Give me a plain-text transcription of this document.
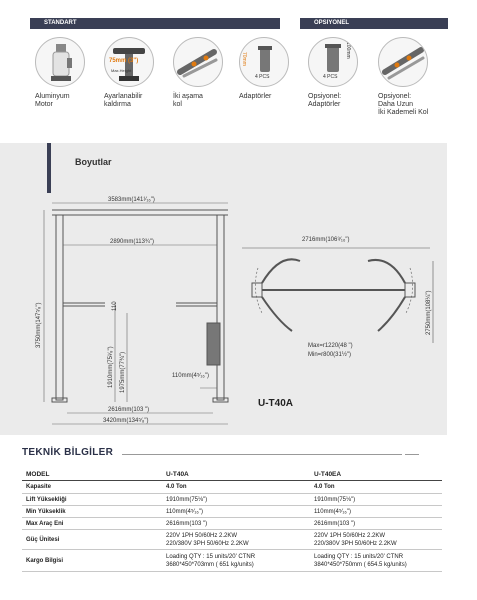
STANDART	OPSIYONEL
Aluminyum
Motor
75mm (3")
Max.Height
Ayarlanabilir
kaldırma
İki aşama
kol
70mm
4 PCS
Adaptörler
100mm
4 PCS
Opsiyonel:
Adaptörler
Opsiyonel:
Daha Uzun
İki Kademeli Kol
Boyutlar
3583mm(141¹⁄₁₆")
2890mm(113¾")
3750mm(147⁵⁄₈")
1910mm(75¹⁄₈") 1975mm(77¾")
110
110mm(4⁵⁄₁₆")
2616mm(103 ")
3420mm(134⁵⁄₈")
2716mm(106⁹⁄₁₆")
2750mm(108¼")
Max=r1220(48 ")
Min=r800(31½")
U-T40A
TEKNİK BİLGİLER
MODEL	U-T40A	U-T40EA
Kapasite	4.0 Ton	4.0 Ton
Lift Yüksekliği	1910mm(75⅛")	1910mm(75⅛")
Min Yükseklik	110mm(4⁵⁄₁₆")	110mm(4⁵⁄₁₆")
Max Araç Eni	2616mm(103 ")	2616mm(103 ")
Güç Ünitesi	220V 1PH 50/60Hz 2.2KW
220/380V 3PH 50/60Hz 2.2KW	220V 1PH 50/60Hz 2.2KW
220/380V 3PH 50/60Hz 2.2KW
Kargo Bilgisi	Loading QTY : 15 units/20' CTNR
3680*450*703mm ( 651 kg/units)	Loading QTY : 15 units/20' CTNR
3840*450*750mm ( 654.5 kg/units)
